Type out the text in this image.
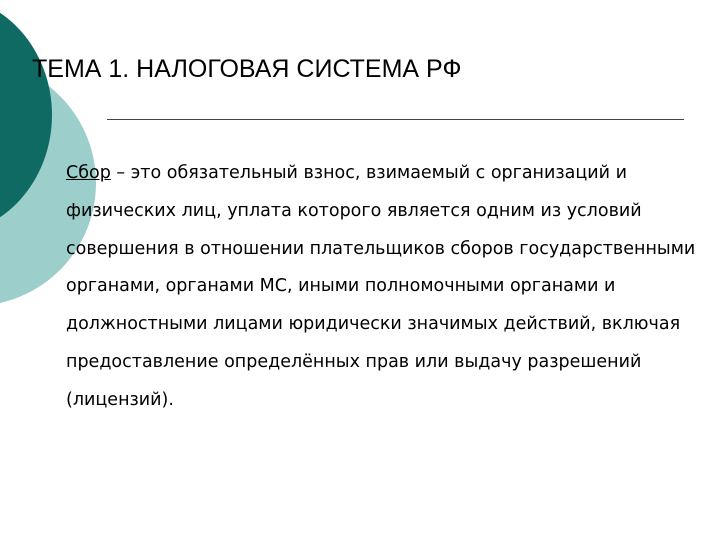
ТЕМА 1. НАЛОГОВАЯ СИСТЕМА РФ
Сбор – это обязательный взнос, взимаемый с организаций и физических лиц, уплата которого является одним из условий совершения в отношении плательщиков сборов государственными органами, органами МС, иными полномочными органами и должностными лицами юридически значимых действий, включая предоставление определённых прав или выдачу разрешений (лицензий).
